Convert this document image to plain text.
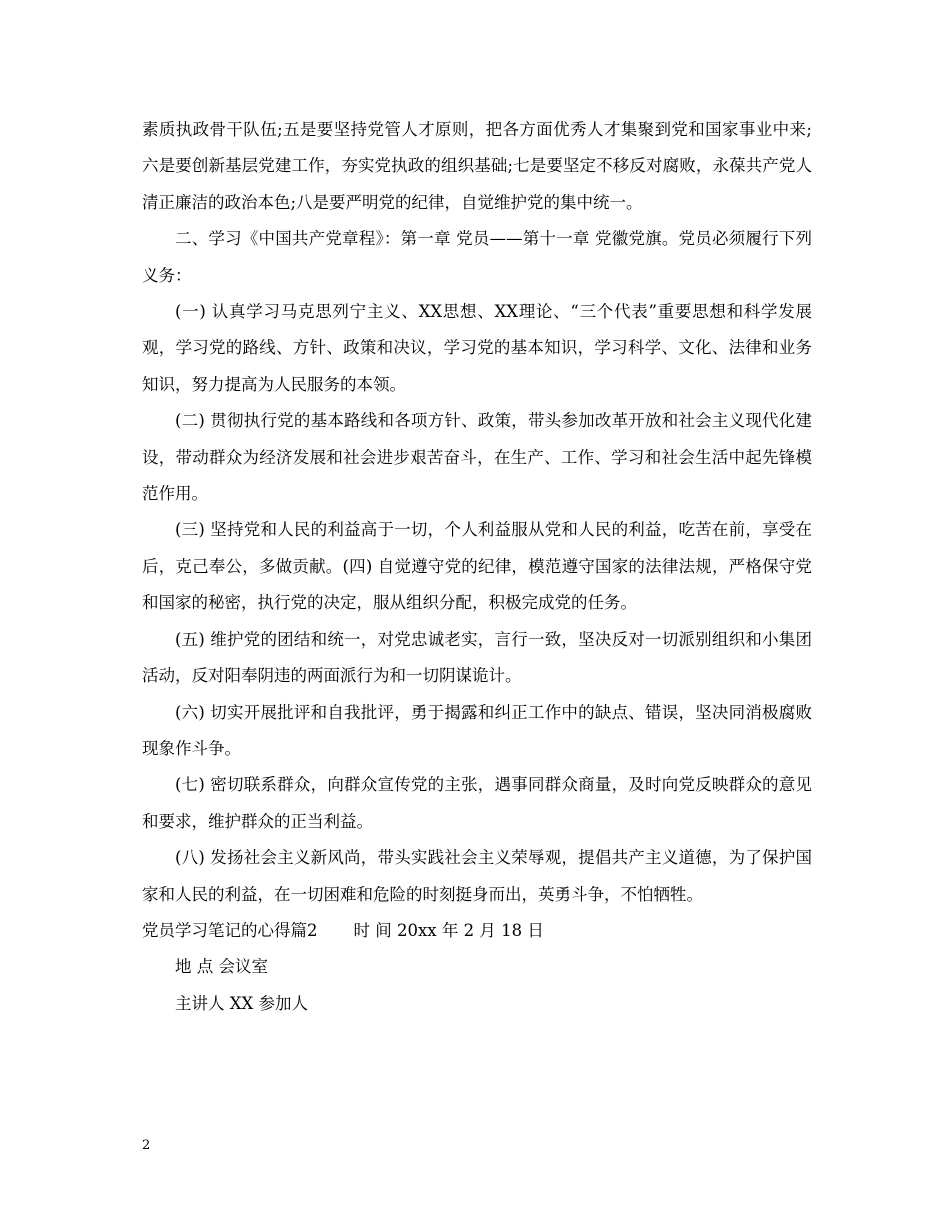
素质执政骨干队伍;五是要坚持党管人才原则，把各方面优秀人才集聚到党和国家事业中来;六是要创新基层党建工作，夯实党执政的组织基础;七是要坚定不移反对腐败，永葆共产党人清正廉洁的政治本色;八是要严明党的纪律，自觉维护党的集中统一。

二、学习《中国共产党章程》：第一章 党员——第十一章 党徽党旗。党员必须履行下列义务：

(一) 认真学习马克思列宁主义、XX思想、XX理论、“三个代表”重要思想和科学发展观，学习党的路线、方针、政策和决议，学习党的基本知识，学习科学、文化、法律和业务知识，努力提高为人民服务的本领。

(二) 贯彻执行党的基本路线和各项方针、政策，带头参加改革开放和社会主义现代化建设，带动群众为经济发展和社会进步艰苦奋斗，在生产、工作、学习和社会生活中起先锋模范作用。

(三) 坚持党和人民的利益高于一切，个人利益服从党和人民的利益，吃苦在前，享受在后，克己奉公，多做贡献。(四) 自觉遵守党的纪律，模范遵守国家的法律法规，严格保守党和国家的秘密，执行党的决定，服从组织分配，积极完成党的任务。

(五) 维护党的团结和统一，对党忠诚老实，言行一致，坚决反对一切派别组织和小集团活动，反对阳奉阴违的两面派行为和一切阴谋诡计。

(六) 切实开展批评和自我批评，勇于揭露和纠正工作中的缺点、错误，坚决同消极腐败现象作斗争。

(七) 密切联系群众，向群众宣传党的主张，遇事同群众商量，及时向党反映群众的意见和要求，维护群众的正当利益。

(八) 发扬社会主义新风尚，带头实践社会主义荣辱观，提倡共产主义道德，为了保护国家和人民的利益，在一切困难和危险的时刻挺身而出，英勇斗争，不怕牺牲。

党员学习笔记的心得篇2 时 间 20xx 年 2 月 18 日

地 点 会议室

主讲人 XX 参加人

2
